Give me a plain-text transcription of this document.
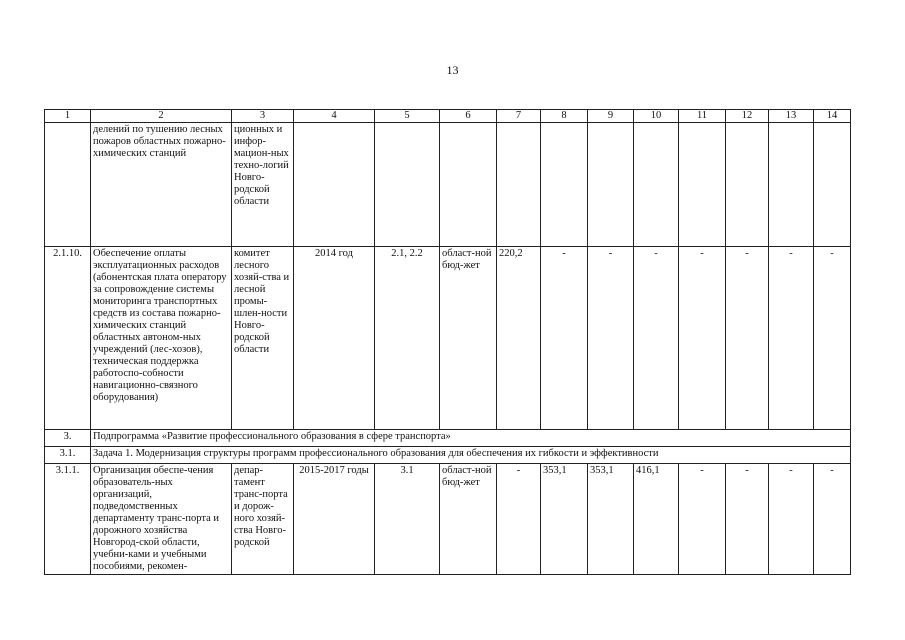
13
1	2	3	4	5	6	7	8	9	10	11	12	13	14
	делений по тушению лесных пожаров областных пожарно-химических станций	ционных и инфор-мацион-ных техно-логий Новго-родской области											
2.1.10.	Обеспечение оплаты эксплуатационных расходов (абонентская плата оператору за сопровождение системы мониторинга транспортных средств из состава пожарно-химических станций областных автоном-ных учреждений (лес-хозов), техническая поддержка работоспо-собности навигационно-связного оборудования)	комитет лесного хозяй-ства и лесной промы-шлен-ности Новго-родской области	2014 год	2.1, 2.2	област-ной бюд-жет	220,2	-	-	-	-	-	-	-
3.	Подпрограмма «Развитие профессионального образования в сфере транспорта»												
3.1.	Задача 1. Модернизация структуры программ профессионального образования для обеспечения их гибкости и эффективности												
3.1.1.	Организация обеспе-чения образователь-ных организаций, подведомственных департаменту транс-порта и дорожного хозяйства Новгород-ской области, учебни-ками и учебными пособиями, рекомен-	депар-тамент транс-порта и дорож-ного хозяй-ства Новго-родской	2015-2017 годы	3.1	област-ной бюд-жет	-	353,1	353,1	416,1	-	-	-	-
